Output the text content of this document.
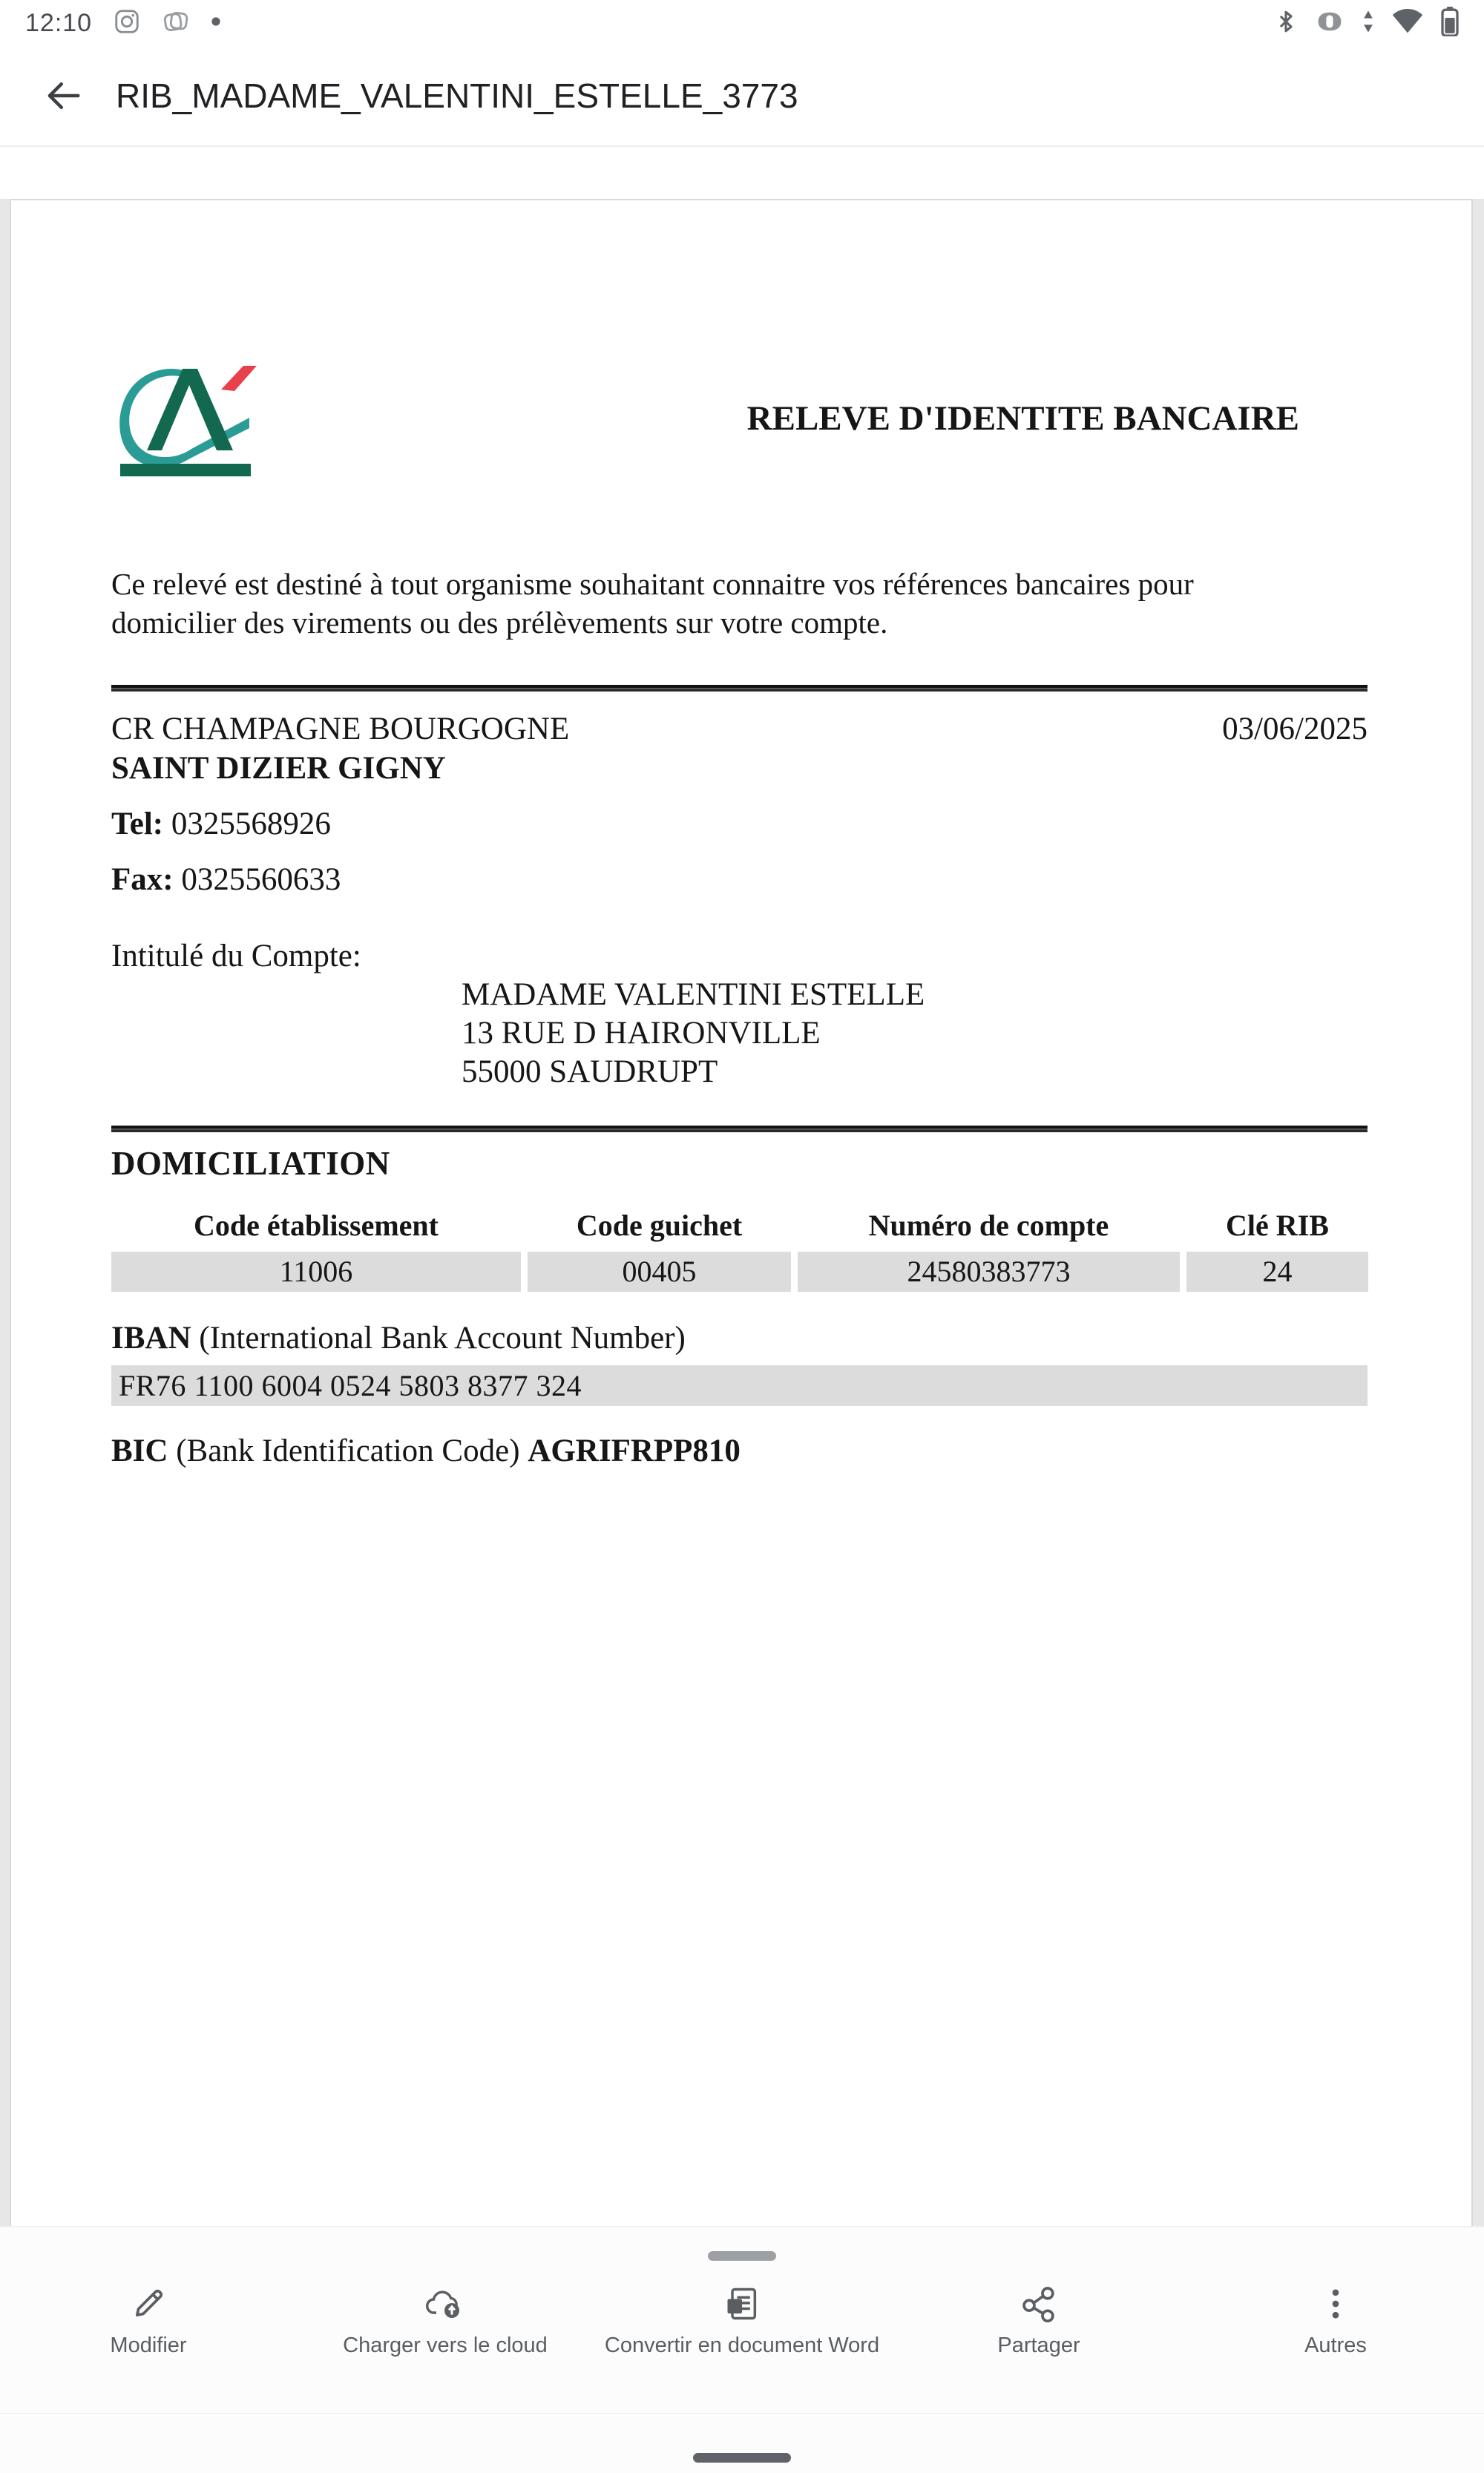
12:10
RIB_MADAME_VALENTINI_ESTELLE_3773
RELEVE D'IDENTITE BANCAIRE
Ce relevé est destiné à tout organisme souhaitant connaitre vos références bancaires pour
domicilier des virements ou des prélèvements sur votre compte.
CR CHAMPAGNE BOURGOGNE	03/06/2025
SAINT DIZIER GIGNY
Tel: 0325568926
Fax: 0325560633
Intitulé du Compte:
MADAME VALENTINI ESTELLE
13 RUE D HAIRONVILLE
55000 SAUDRUPT
DOMICILIATION
Code établissement	Code guichet	Numéro de compte	Clé RIB
11006	00405	24580383773	24
IBAN (International Bank Account Number)
FR76 1100 6004 0524 5803 8377 324
BIC (Bank Identification Code) AGRIFRPP810
Modifier	Charger vers le cloud
W
Convertir en document Word	Partager	Autres
